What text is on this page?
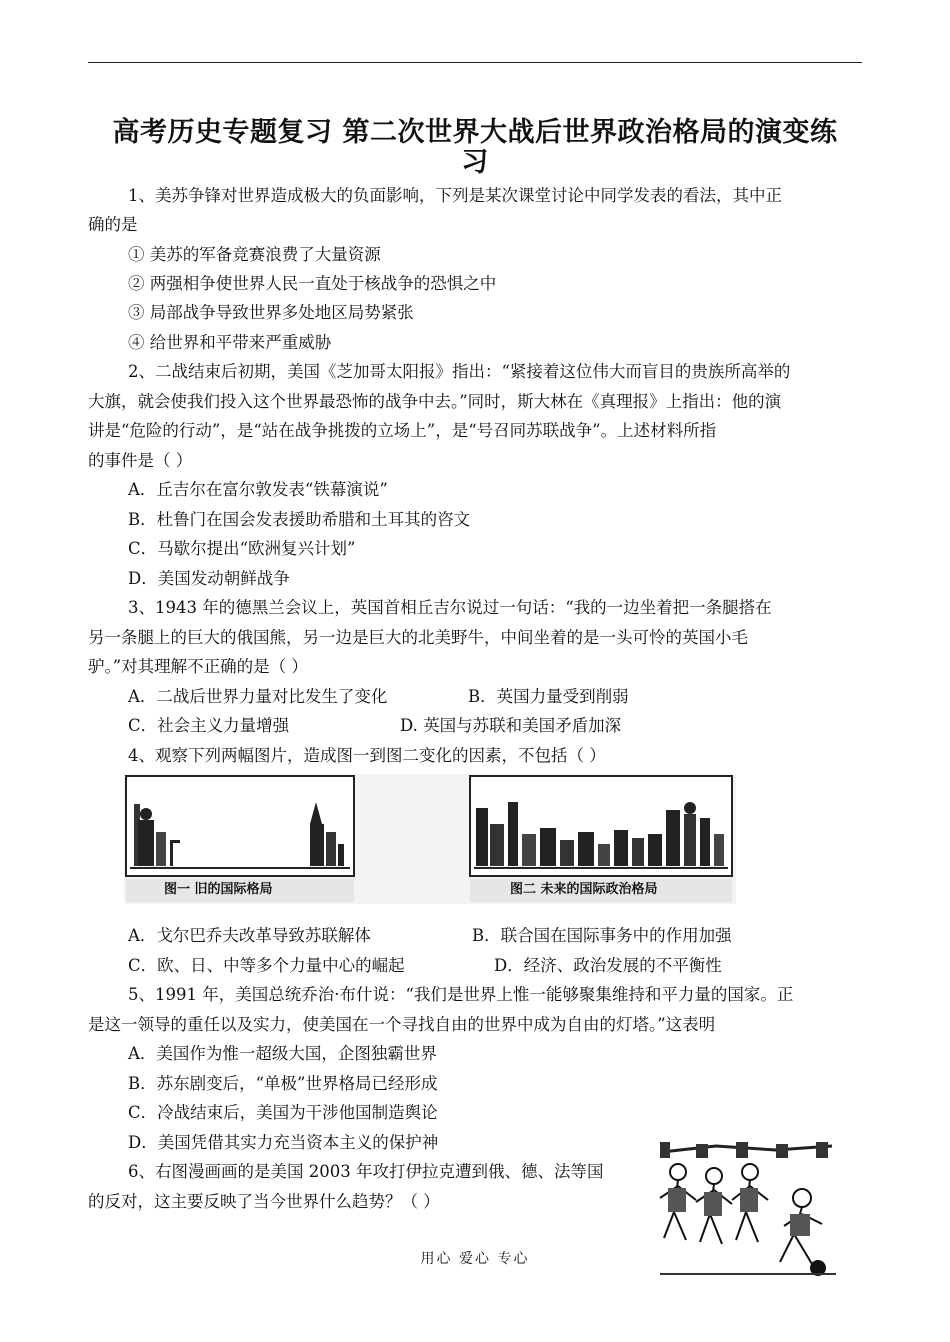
高考历史专题复习 第二次世界大战后世界政治格局的演变练
习
1、美苏争锋对世界造成极大的负面影响，下列是某次课堂讨论中同学发表的看法，其中正
确的是
① 美苏的军备竞赛浪费了大量资源
② 两强相争使世界人民一直处于核战争的恐惧之中
③ 局部战争导致世界多处地区局势紧张
④ 给世界和平带来严重威胁
2、二战结束后初期，美国《芝加哥太阳报》指出：“紧接着这位伟大而盲目的贵族所高举的
大旗，就会使我们投入这个世界最恐怖的战争中去。”同时，斯大林在《真理报》上指出：他的演
讲是“危险的行动”，是“站在战争挑拨的立场上”，是“号召同苏联战争”。上述材料所指
的事件是（ ）
A．丘吉尔在富尔敦发表“铁幕演说”
B．杜鲁门在国会发表援助希腊和土耳其的咨文
C．马歇尔提出“欧洲复兴计划”
D．美国发动朝鲜战争
3、1943 年的德黑兰会议上，英国首相丘吉尔说过一句话：“我的一边坐着把一条腿搭在
另一条腿上的巨大的俄国熊，另一边是巨大的北美野牛，中间坐着的是一头可怜的英国小毛
驴。”对其理解不正确的是（ ）
A．二战后世界力量对比发生了变化	B．英国力量受到削弱
C．社会主义力量增强	D. 英国与苏联和美国矛盾加深
4、观察下列两幅图片，造成图一到图二变化的因素，不包括（ ）
图一 旧的国际格局	图二 未来的国际政治格局
A．戈尔巴乔夫改革导致苏联解体	B．联合国在国际事务中的作用加强
C．欧、日、中等多个力量中心的崛起	D．经济、政治发展的不平衡性
5、1991 年，美国总统乔治·布什说：“我们是世界上惟一能够聚集维持和平力量的国家。正
是这一领导的重任以及实力，使美国在一个寻找自由的世界中成为自由的灯塔。”这表明
A．美国作为惟一超级大国，企图独霸世界
B．苏东剧变后，“单极”世界格局已经形成
C．冷战结束后，美国为干涉他国制造舆论
D．美国凭借其实力充当资本主义的保护神
6、右图漫画画的是美国 2003 年攻打伊拉克遭到俄、德、法等国
的反对，这主要反映了当今世界什么趋势？（ ）
用心 爱心 专心
